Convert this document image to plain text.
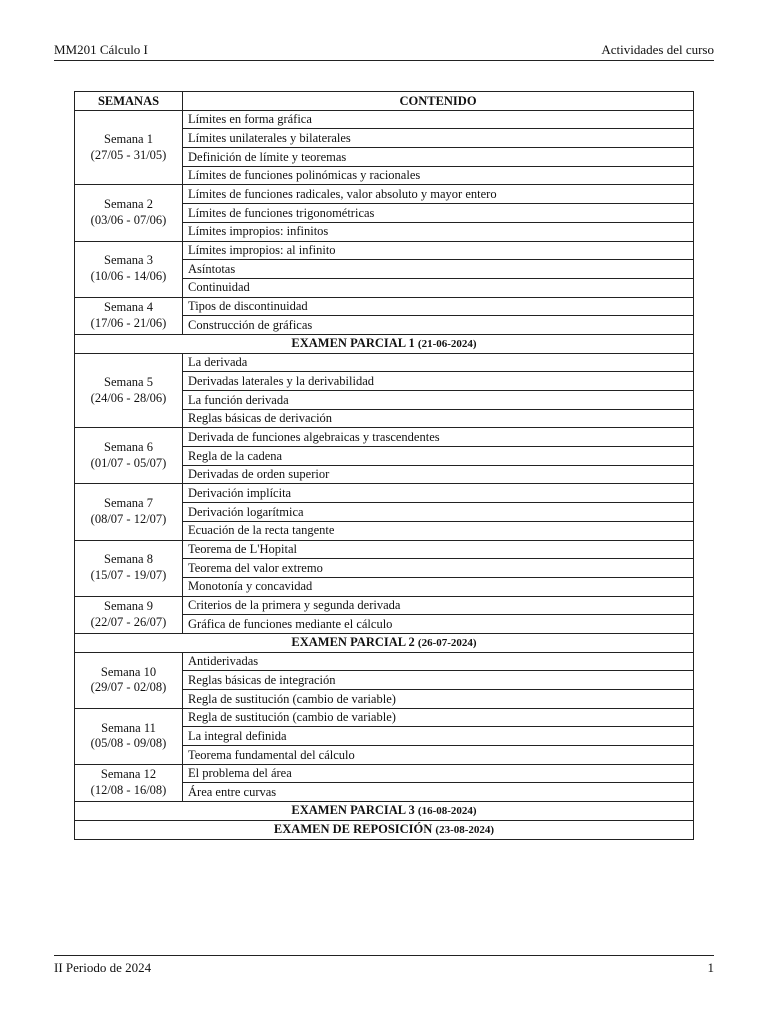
MM201 Cálculo I	Actividades del curso
SEMANAS	CONTENIDO

Semana 1
(27/05 - 31/05)	Límites en forma gráfica
	Límites unilaterales y bilaterales
	Definición de límite y teoremas
	Límites de funciones polinómicas y racionales

Semana 2
(03/06 - 07/06)	Límites de funciones radicales, valor absoluto y mayor entero
	Límites de funciones trigonométricas
	Límites impropios: infinitos

Semana 3
(10/06 - 14/06)	Límites impropios: al infinito
	Asíntotas
	Continuidad

Semana 4
(17/06 - 21/06)	Tipos de discontinuidad
	Construcción de gráficas
EXAMEN PARCIAL 1 (21-06-2024)	

Semana 5
(24/06 - 28/06)	La derivada
	Derivadas laterales y la derivabilidad
	La función derivada
	Reglas básicas de derivación

Semana 6
(01/07 - 05/07)	Derivada de funciones algebraicas y trascendentes
	Regla de la cadena
	Derivadas de orden superior

Semana 7
(08/07 - 12/07)	Derivación implícita
	Derivación logarítmica
	Ecuación de la recta tangente

Semana 8
(15/07 - 19/07)	Teorema de L'Hopital
	Teorema del valor extremo
	Monotonía y concavidad

Semana 9
(22/07 - 26/07)	Criterios de la primera y segunda derivada
	Gráfica de funciones mediante el cálculo
EXAMEN PARCIAL 2 (26-07-2024)	

Semana 10
(29/07 - 02/08)	Antiderivadas
	Reglas básicas de integración
	Regla de sustitución (cambio de variable)

Semana 11
(05/08 - 09/08)	Regla de sustitución (cambio de variable)
	La integral definida
	Teorema fundamental del cálculo

Semana 12
(12/08 - 16/08)	El problema del área
	Área entre curvas
EXAMEN PARCIAL 3 (16-08-2024)	
EXAMEN DE REPOSICIÓN (23-08-2024)	
II Periodo de 2024	1
